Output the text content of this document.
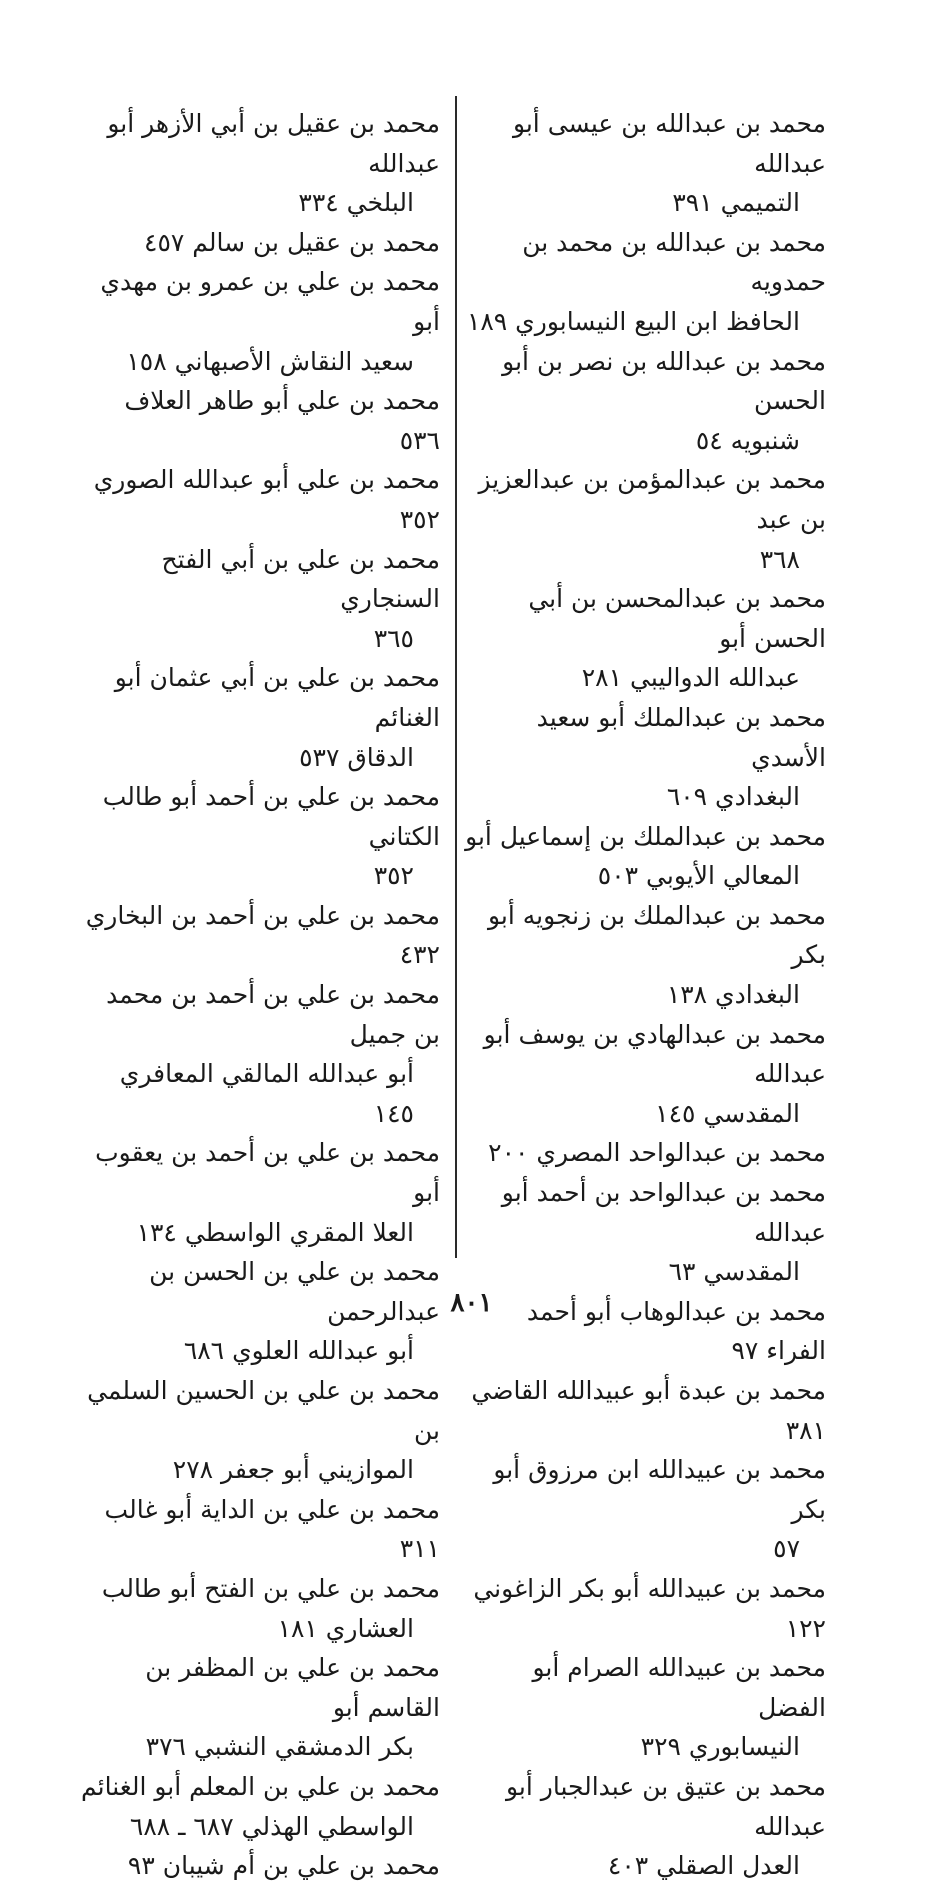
محمد بن عبدالله بن عيسى أبو عبدالله
التميمي ٣٩١
محمد بن عبدالله بن محمد بن حمدويه
الحافظ ابن البيع النيسابوري ١٨٩
محمد بن عبدالله بن نصر بن أبو الحسن
شنبويه ٥٤
محمد بن عبدالمؤمن بن عبدالعزيز بن عبد
٣٦٨
محمد بن عبدالمحسن بن أبي الحسن أبو
عبدالله الدواليبي ٢٨١
محمد بن عبدالملك أبو سعيد الأسدي
البغدادي ٦٠٩
محمد بن عبدالملك بن إسماعيل أبو
المعالي الأيوبي ٥٠٣
محمد بن عبدالملك بن زنجويه أبو بكر
البغدادي ١٣٨
محمد بن عبدالهادي بن يوسف أبو عبدالله
المقدسي ١٤٥
محمد بن عبدالواحد المصري ٢٠٠
محمد بن عبدالواحد بن أحمد أبو عبدالله
المقدسي ٦٣
محمد بن عبدالوهاب أبو أحمد الفراء ٩٧
محمد بن عبدة أبو عبيدالله القاضي ٣٨١
محمد بن عبيدالله ابن مرزوق أبو بكر
٥٧
محمد بن عبيدالله أبو بكر الزاغوني ١٢٢
محمد بن عبيدالله الصرام أبو الفضل
النيسابوري ٣٢٩
محمد بن عتيق بن عبدالجبار أبو عبدالله
العدل الصقلي ٤٠٣
محمد بن عقيل بن أبي الأزهر أبو عبدالله
البلخي ٣٣٤
محمد بن عقيل بن سالم ٤٥٧
محمد بن علي بن عمرو بن مهدي أبو
سعيد النقاش الأصبهاني ١٥٨
محمد بن علي أبو طاهر العلاف ٥٣٦
محمد بن علي أبو عبدالله الصوري ٣٥٢
محمد بن علي بن أبي الفتح السنجاري
٣٦٥
محمد بن علي بن أبي عثمان أبو الغنائم
الدقاق ٥٣٧
محمد بن علي بن أحمد أبو طالب الكتاني
٣٥٢
محمد بن علي بن أحمد بن البخاري ٤٣٢
محمد بن علي بن أحمد بن محمد بن جميل
أبو عبدالله المالقي المعافري ١٤٥
محمد بن علي بن أحمد بن يعقوب أبو
العلا المقري الواسطي ١٣٤
محمد بن علي بن الحسن بن عبدالرحمن
أبو عبدالله العلوي ٦٨٦
محمد بن علي بن الحسين السلمي بن
الموازيني أبو جعفر ٢٧٨
محمد بن علي بن الداية أبو غالب ٣١١
محمد بن علي بن الفتح أبو طالب
العشاري ١٨١
محمد بن علي بن المظفر بن القاسم أبو
بكر الدمشقي النشبي ٣٧٦
محمد بن علي بن المعلم أبو الغنائم
الواسطي الهذلي ٦٨٧ ـ ٦٨٨
محمد بن علي بن أم شيبان ٩٣
٨٠١
